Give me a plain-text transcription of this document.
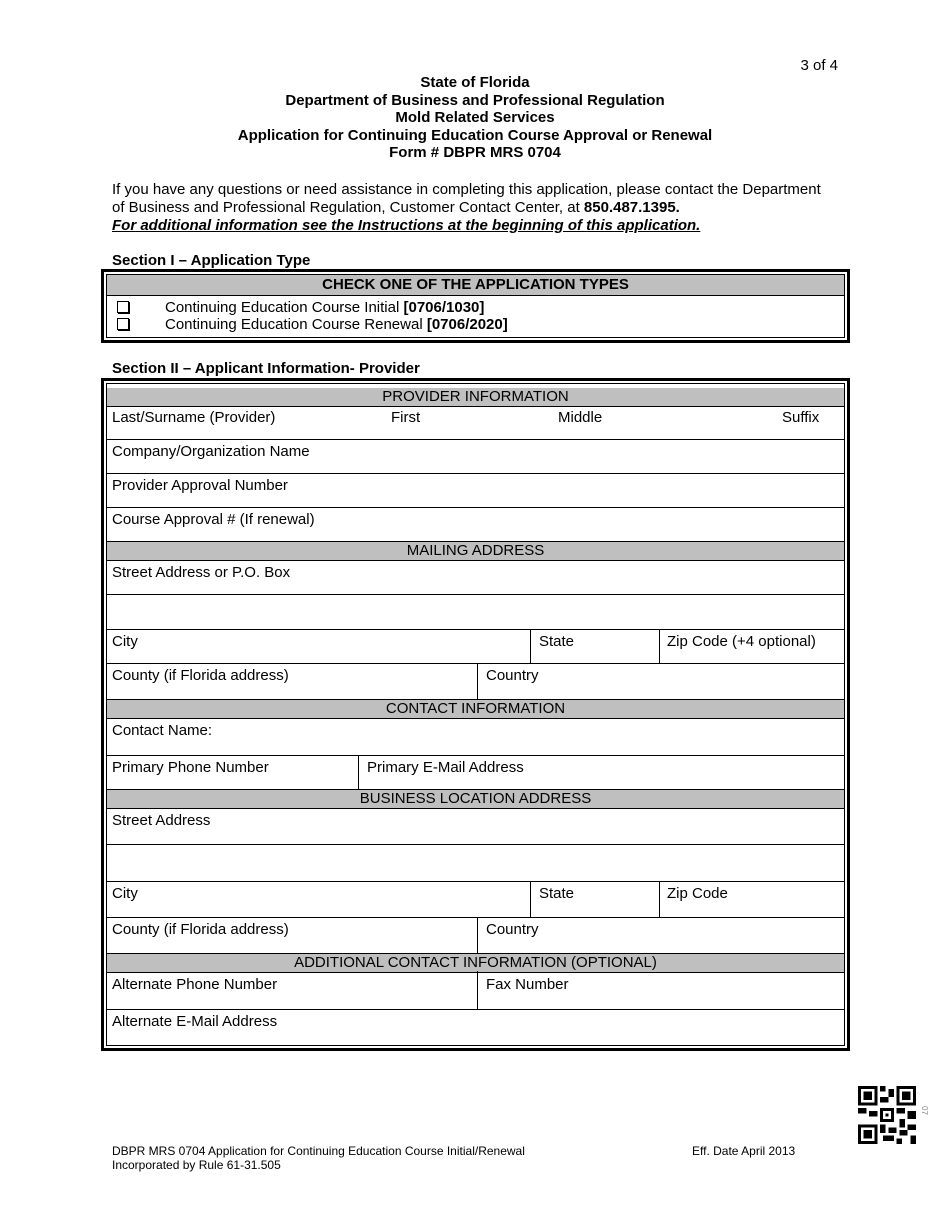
3 of 4
State of Florida
Department of Business and Professional Regulation
Mold Related Services
Application for Continuing Education Course Approval or Renewal
Form # DBPR MRS 0704
If you have any questions or need assistance in completing this application, please contact the Department of Business and Professional Regulation, Customer Contact Center, at 850.487.1395.
For additional information see the Instructions at the beginning of this application.
Section I – Application Type
CHECK ONE OF THE APPLICATION TYPES
Continuing Education Course Initial [0706/1030]
Continuing Education Course Renewal [0706/2020]
Section II – Applicant Information- Provider
PROVIDER INFORMATION
Last/Surname (Provider)	First	Middle	Suffix
Company/Organization Name
Provider Approval Number
Course Approval # (If renewal)
MAILING ADDRESS
Street Address or P.O. Box
City	State	Zip Code (+4 optional)
County (if Florida address)	Country
CONTACT INFORMATION
Contact Name:
Primary Phone Number	Primary E-Mail Address
BUSINESS LOCATION ADDRESS
Street Address
City	State	Zip Code
County (if Florida address)	Country
ADDITIONAL CONTACT INFORMATION (OPTIONAL)
Alternate Phone Number	Fax Number
Alternate E-Mail Address
07
DBPR MRS 0704 Application for Continuing Education Course Initial/Renewal
Incorporated by Rule 61-31.505
Eff. Date April 2013
